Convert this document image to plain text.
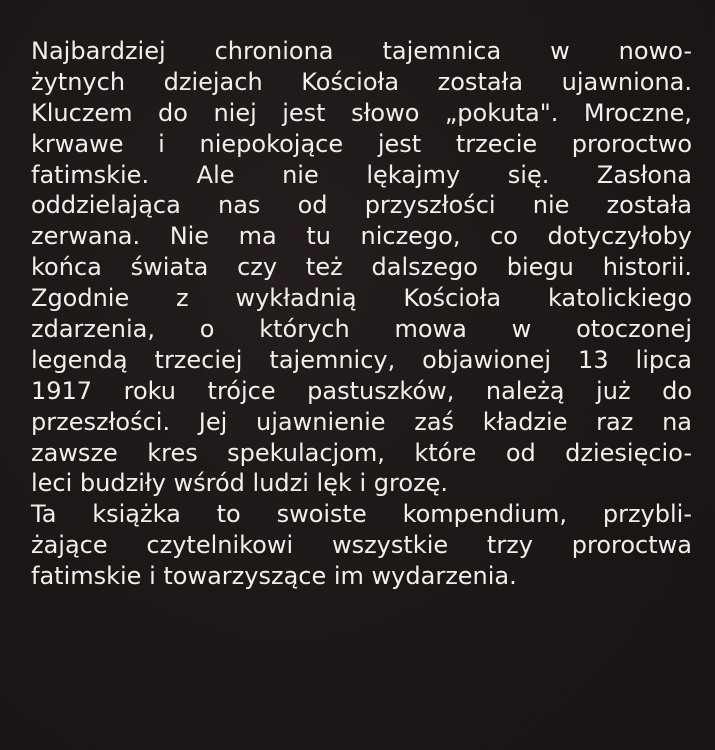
Najbardziej chroniona tajemnica w nowo-
żytnych dziejach Kościoła została ujawniona.
Kluczem do niej jest słowo „pokuta". Mroczne,
krwawe i niepokojące jest trzecie proroctwo
fatimskie. Ale nie lękajmy się. Zasłona
oddzielająca nas od przyszłości nie została
zerwana. Nie ma tu niczego, co dotyczyłoby
końca świata czy też dalszego biegu historii.
Zgodnie z wykładnią Kościoła katolickiego
zdarzenia, o których mowa w otoczonej
legendą trzeciej tajemnicy, objawionej 13 lipca
1917 roku trójce pastuszków, należą już do
przeszłości. Jej ujawnienie zaś kładzie raz na
zawsze kres spekulacjom, które od dziesięcio-
leci budziły wśród ludzi lęk i grozę.
Ta książka to swoiste kompendium, przybli-
żające czytelnikowi wszystkie trzy proroctwa
fatimskie i towarzyszące im wydarzenia.
